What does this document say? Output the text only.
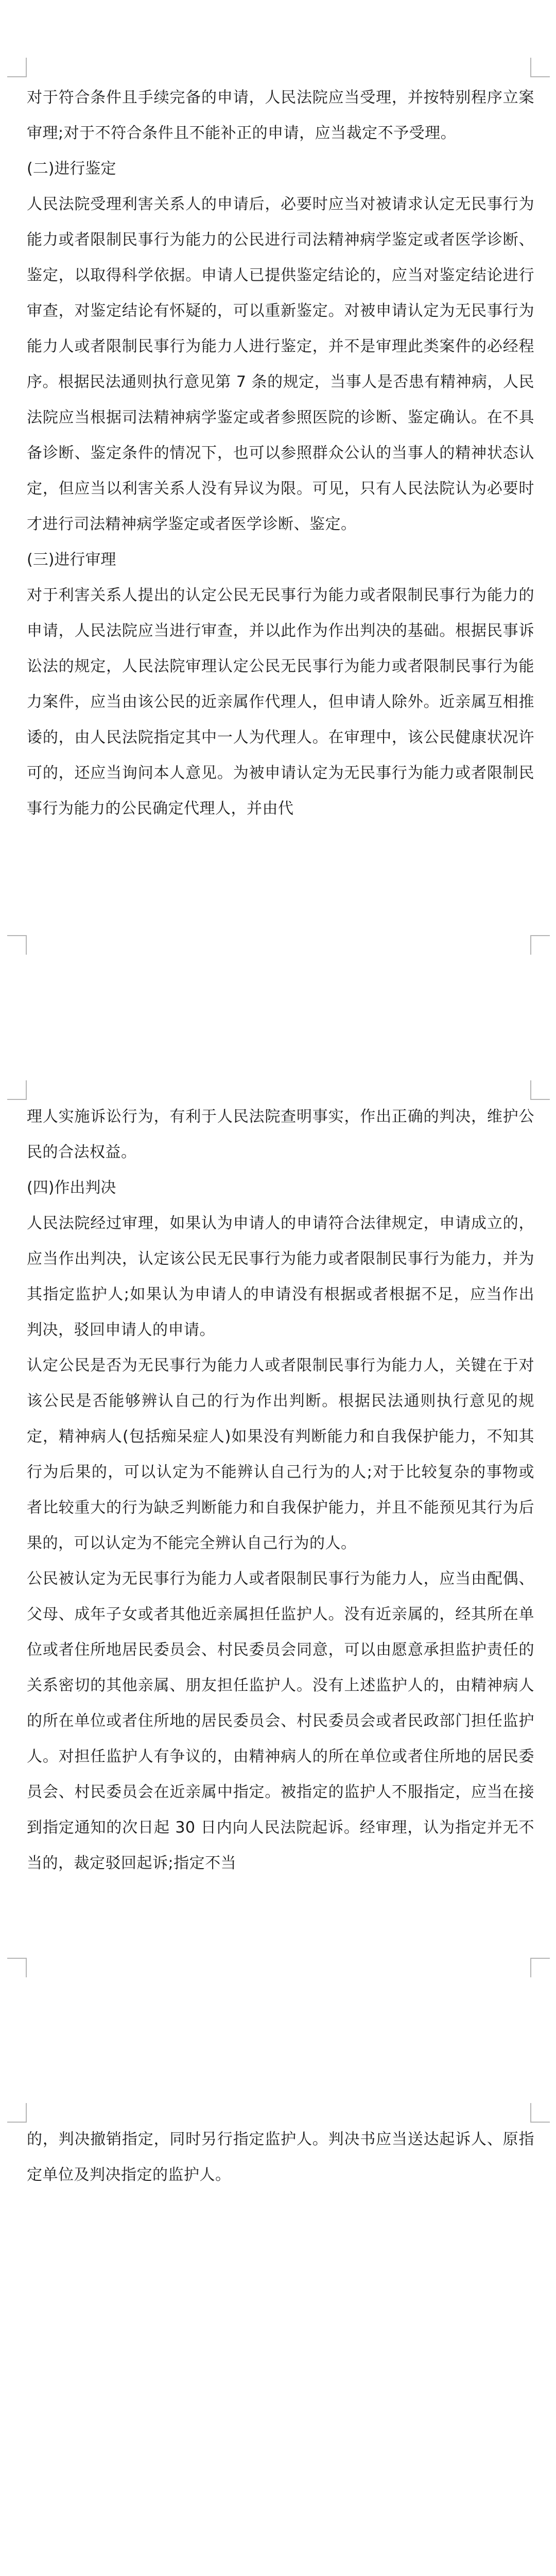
对于符合条件且手续完备的申请，人民法院应当受理，并按特别程序立案审理;对于不符合条件且不能补正的申请，应当裁定不予受理。

(二)进行鉴定

人民法院受理利害关系人的申请后，必要时应当对被请求认定无民事行为能力或者限制民事行为能力的公民进行司法精神病学鉴定或者医学诊断、鉴定，以取得科学依据。申请人已提供鉴定结论的，应当对鉴定结论进行审查，对鉴定结论有怀疑的，可以重新鉴定。对被申请认定为无民事行为能力人或者限制民事行为能力人进行鉴定，并不是审理此类案件的必经程序。根据民法通则执行意见第 7 条的规定，当事人是否患有精神病，人民法院应当根据司法精神病学鉴定或者参照医院的诊断、鉴定确认。在不具备诊断、鉴定条件的情况下，也可以参照群众公认的当事人的精神状态认定，但应当以利害关系人没有异议为限。可见，只有人民法院认为必要时才进行司法精神病学鉴定或者医学诊断、鉴定。

(三)进行审理

对于利害关系人提出的认定公民无民事行为能力或者限制民事行为能力的申请，人民法院应当进行审查，并以此作为作出判决的基础。根据民事诉讼法的规定，人民法院审理认定公民无民事行为能力或者限制民事行为能力案件，应当由该公民的近亲属作代理人，但申请人除外。近亲属互相推诿的，由人民法院指定其中一人为代理人。在审理中，该公民健康状况许可的，还应当询问本人意见。为被申请认定为无民事行为能力或者限制民事行为能力的公民确定代理人，并由代

理人实施诉讼行为，有利于人民法院查明事实，作出正确的判决，维护公民的合法权益。

(四)作出判决

人民法院经过审理，如果认为申请人的申请符合法律规定，申请成立的，应当作出判决，认定该公民无民事行为能力或者限制民事行为能力，并为其指定监护人;如果认为申请人的申请没有根据或者根据不足，应当作出判决，驳回申请人的申请。

认定公民是否为无民事行为能力人或者限制民事行为能力人，关键在于对该公民是否能够辨认自己的行为作出判断。根据民法通则执行意见的规定，精神病人(包括痴呆症人)如果没有判断能力和自我保护能力，不知其行为后果的，可以认定为不能辨认自己行为的人;对于比较复杂的事物或者比较重大的行为缺乏判断能力和自我保护能力，并且不能预见其行为后果的，可以认定为不能完全辨认自己行为的人。

公民被认定为无民事行为能力人或者限制民事行为能力人，应当由配偶、父母、成年子女或者其他近亲属担任监护人。没有近亲属的，经其所在单位或者住所地居民委员会、村民委员会同意，可以由愿意承担监护责任的关系密切的其他亲属、朋友担任监护人。没有上述监护人的，由精神病人的所在单位或者住所地的居民委员会、村民委员会或者民政部门担任监护人。对担任监护人有争议的，由精神病人的所在单位或者住所地的居民委员会、村民委员会在近亲属中指定。被指定的监护人不服指定，应当在接到指定通知的次日起 30 日内向人民法院起诉。经审理，认为指定并无不当的，裁定驳回起诉;指定不当

的，判决撤销指定，同时另行指定监护人。判决书应当送达起诉人、原指定单位及判决指定的监护人。
